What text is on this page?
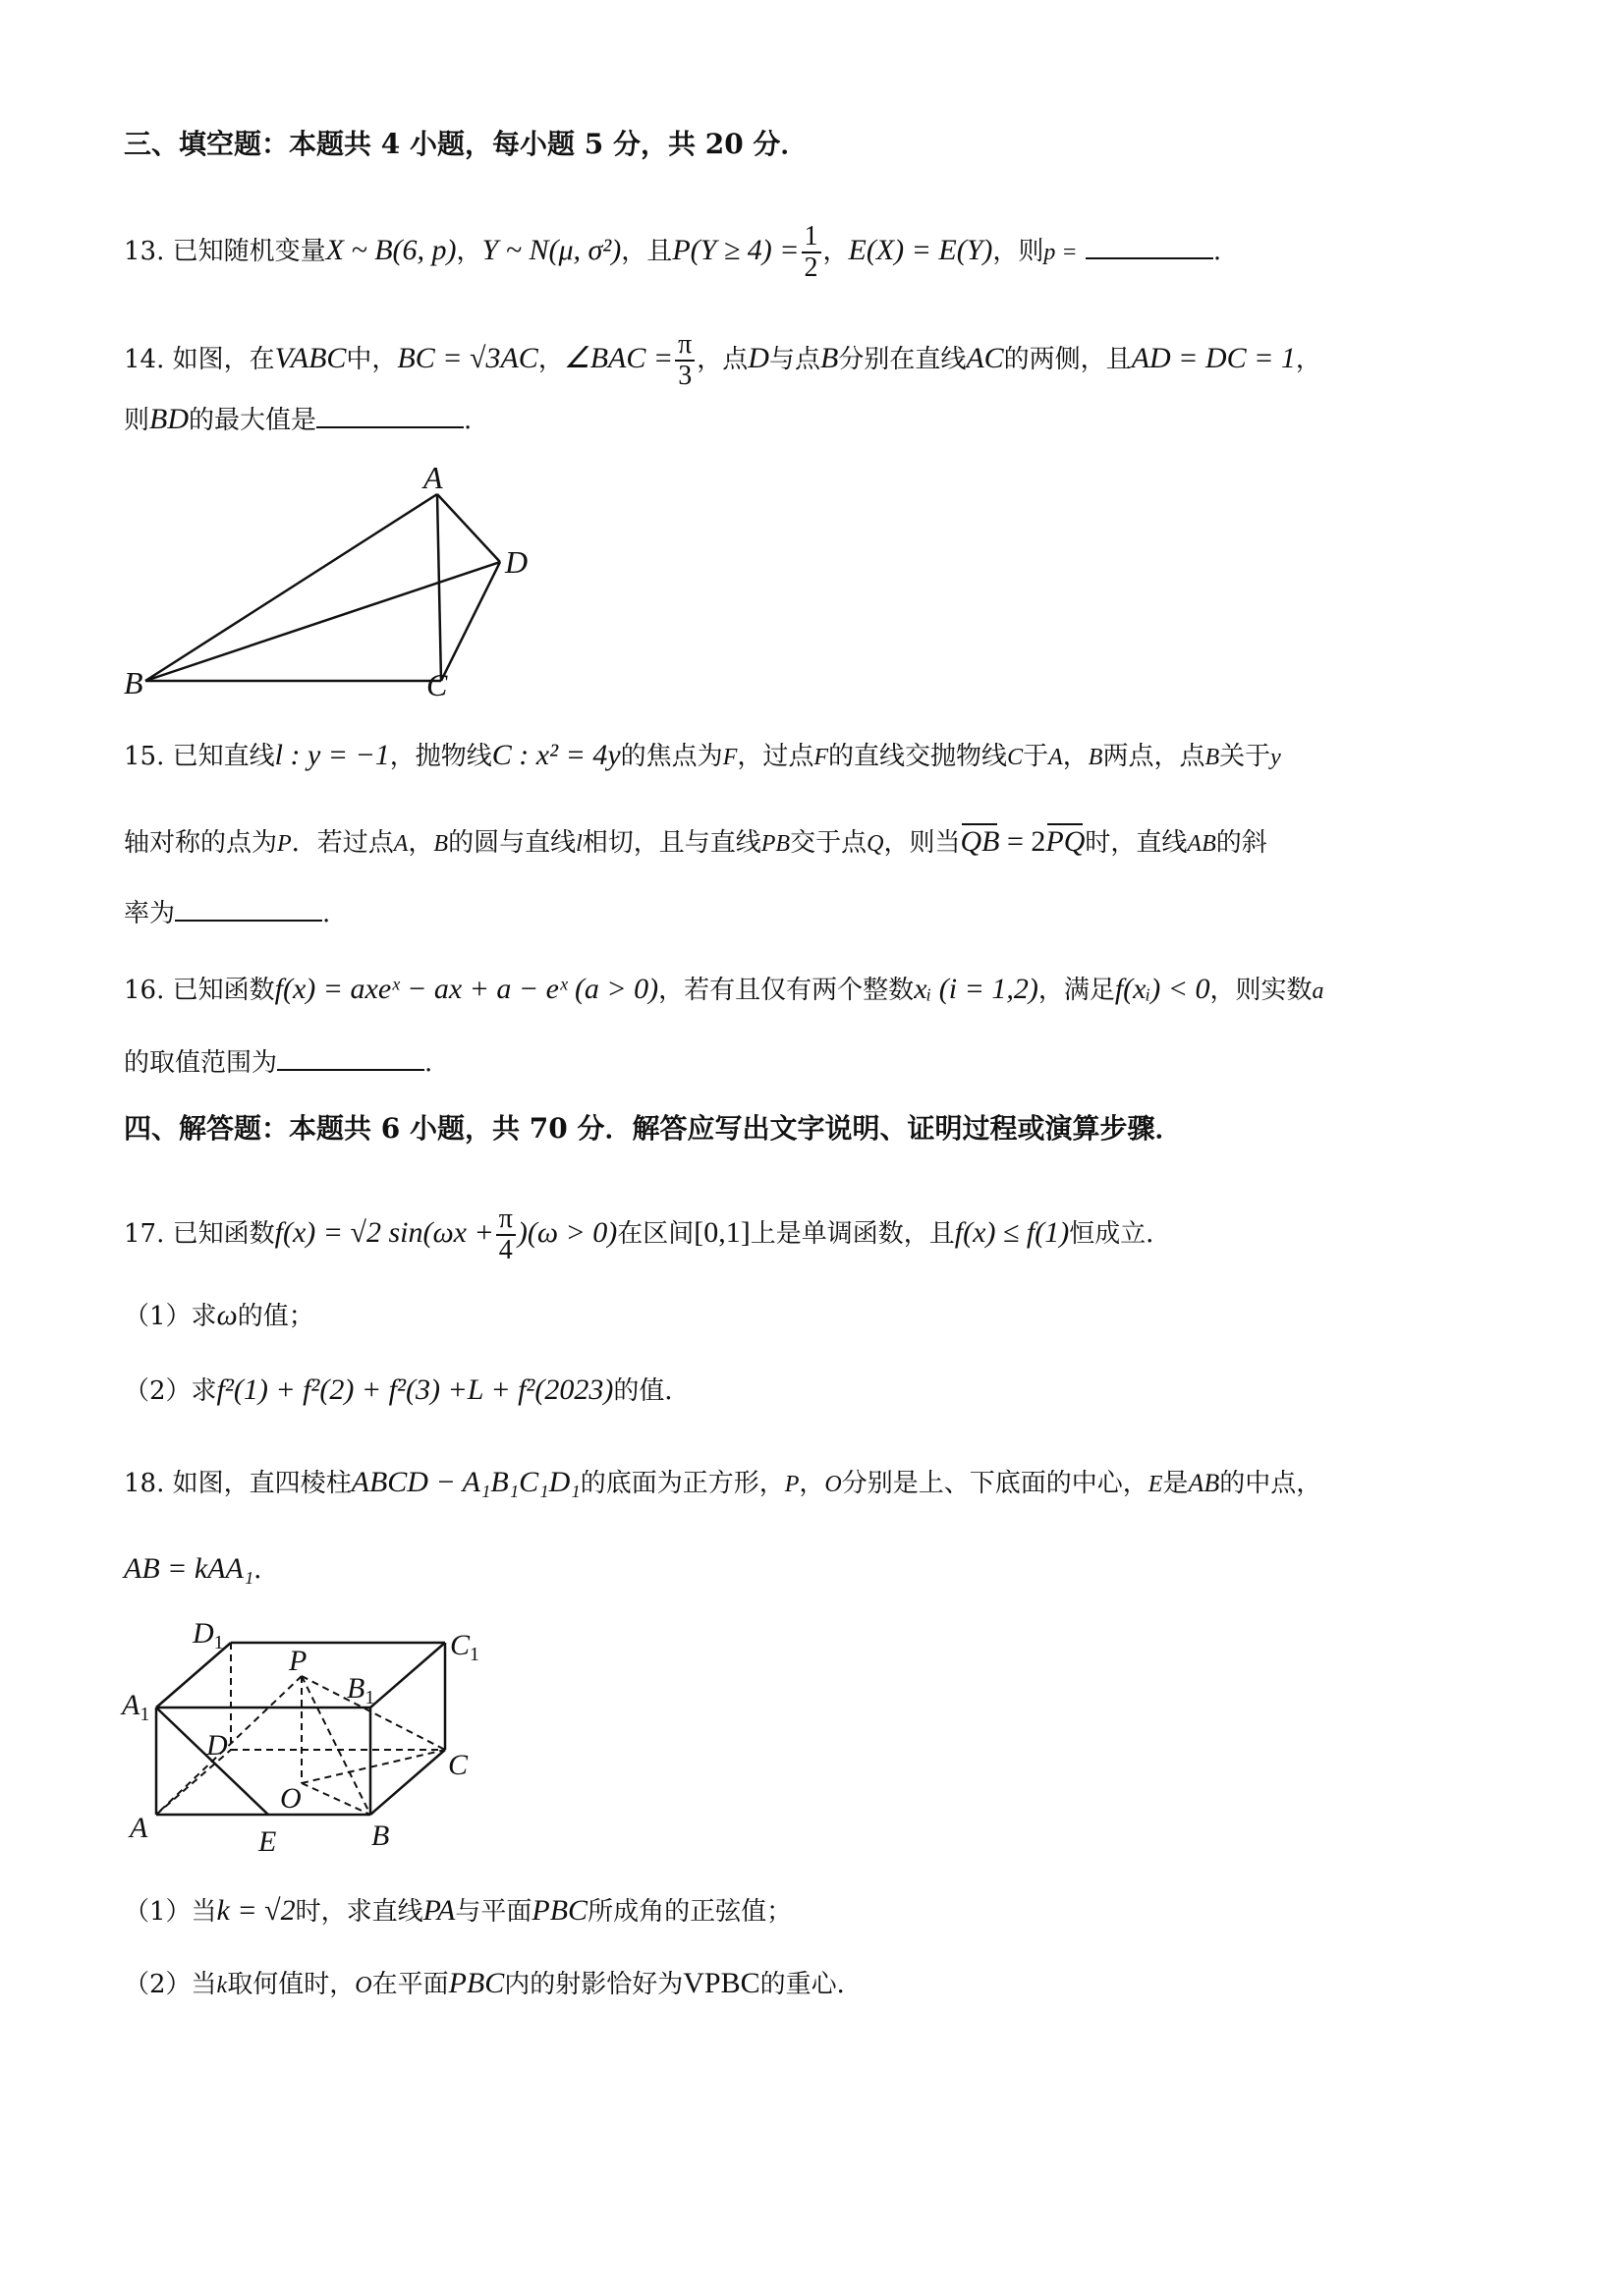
三、填空题：本题共 4 小题，每小题 5 分，共 20 分．
13. 已知随机变量X ~ B(6, p)，Y ~ N(μ, σ²)，且$P(Y \ge 4) = \frac{1}{2}$ ，E(X) = E(Y)，则p =	.
14. 如图，在VABC中，BC = √3AC，∠BAC = $\frac{\pi}{3}$ ，点D与点B分别在直线AC的两侧，且AD = DC = 1，
则BD的最大值是	.
A
D
B	C
$D_1$	$C_1$
$A_1$
$B_1$
P
D
C
O
A	E	B
15. 已知直线l : y = −1，抛物线C : x² = 4y的焦点为F，过点F的直线交抛物线C于A，B两点，点B关于y
轴对称的点为P．若过点A，B的圆与直线l相切，且与直线PB交于点Q，则当QB = 2PQ时，直线AB的斜
率为	.
16. 已知函数f(x) = axeˣ − ax + a − eˣ (a > 0)，若有且仅有两个整数xᵢ (i = 1,2)，满足f(xᵢ) < 0，则实数a
的取值范围为	.
四、解答题：本题共 6 小题，共 70 分．解答应写出文字说明、证明过程或演算步骤．
17. 已知函数f(x) = √2 $\sin(\omega x + \frac{\pi}{4} )(\omega > 0)$在区间[0,1]上是单调函数，且f(x) ≤ f(1)恒成立．
（1）求ω的值；
（2）求f²(1) + f²(2) + f²(3) +L + f²(2023)的值．
18. 如图，直四棱柱ABCD − A₁B₁C₁D₁的底面为正方形，P，O分别是上、下底面的中心，E是AB的中点，
AB = kAA₁．
（1）当k = √2时，求直线PA与平面PBC所成角的正弦值；
（2）当k取何值时，O在平面PBC内的射影恰好为VPBC的重心．
